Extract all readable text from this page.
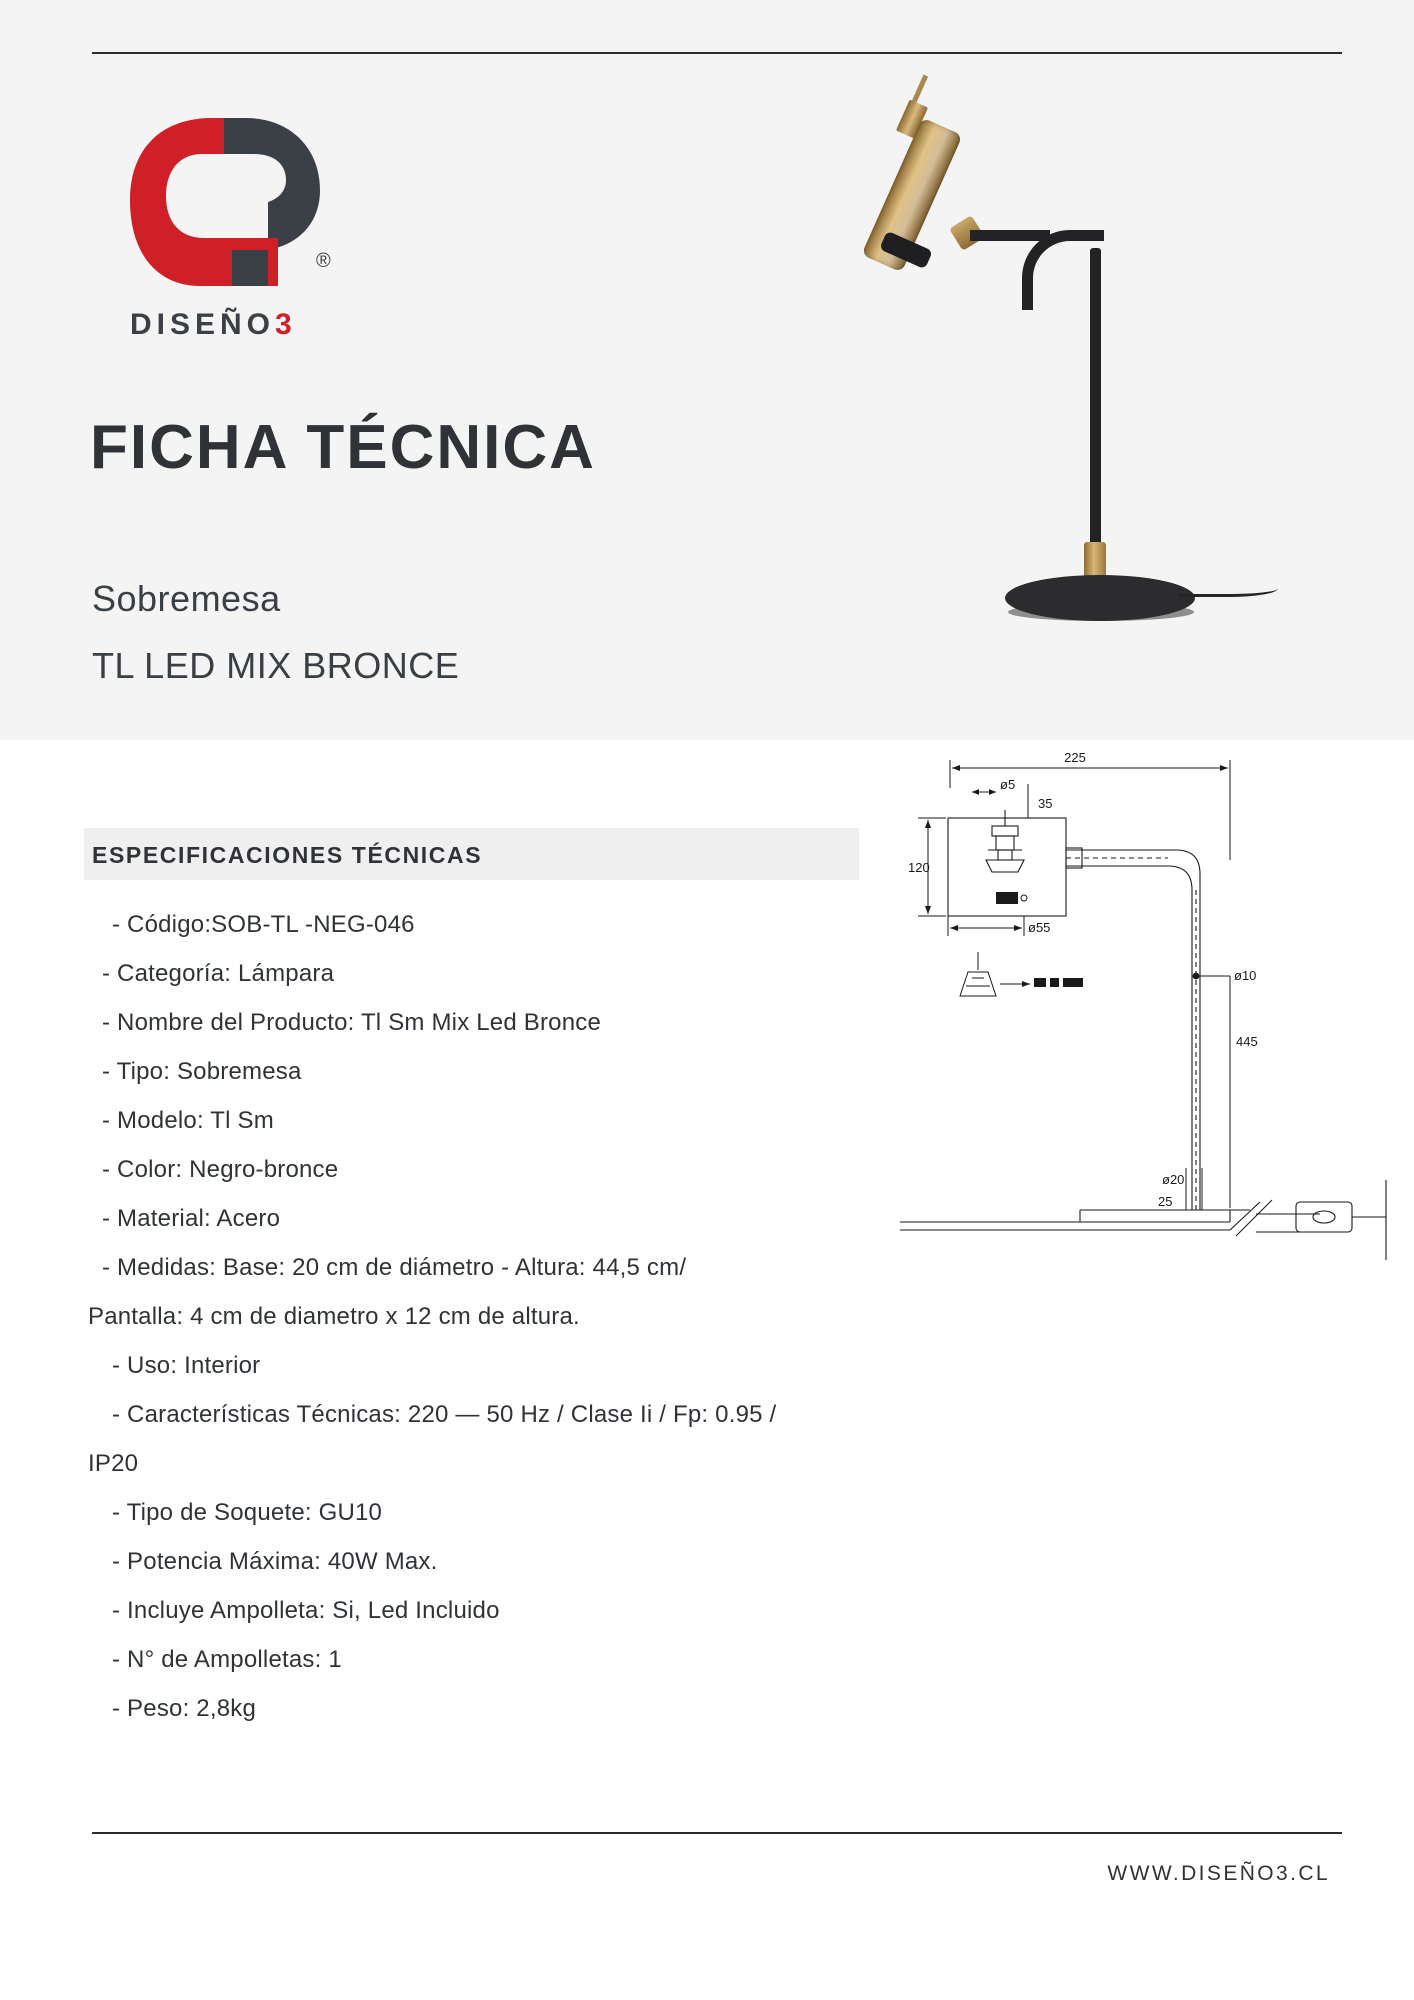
®
DISEÑO3
FICHA TÉCNICA
Sobremesa
TL LED MIX BRONCE
ESPECIFICACIONES TÉCNICAS
- Código:SOB-TL -NEG-046
- Categoría: Lámpara
- Nombre del Producto: Tl Sm Mix Led Bronce
- Tipo: Sobremesa
- Modelo: Tl Sm
- Color: Negro-bronce
- Material: Acero
- Medidas: Base: 20 cm de diámetro - Altura: 44,5 cm/
Pantalla: 4 cm de diametro x 12 cm de altura.
- Uso: Interior
- Características Técnicas: 220 — 50 Hz / Clase Ii / Fp: 0.95 /
IP20
- Tipo de Soquete: GU10
- Potencia Máxima: 40W Max.
- Incluye Ampolleta: Si, Led Incluido
- N° de Ampolletas: 1
- Peso: 2,8kg
225
ø5
35
120
ø55
ø10
445
ø20
25
WWW.DISEÑO3.CL
